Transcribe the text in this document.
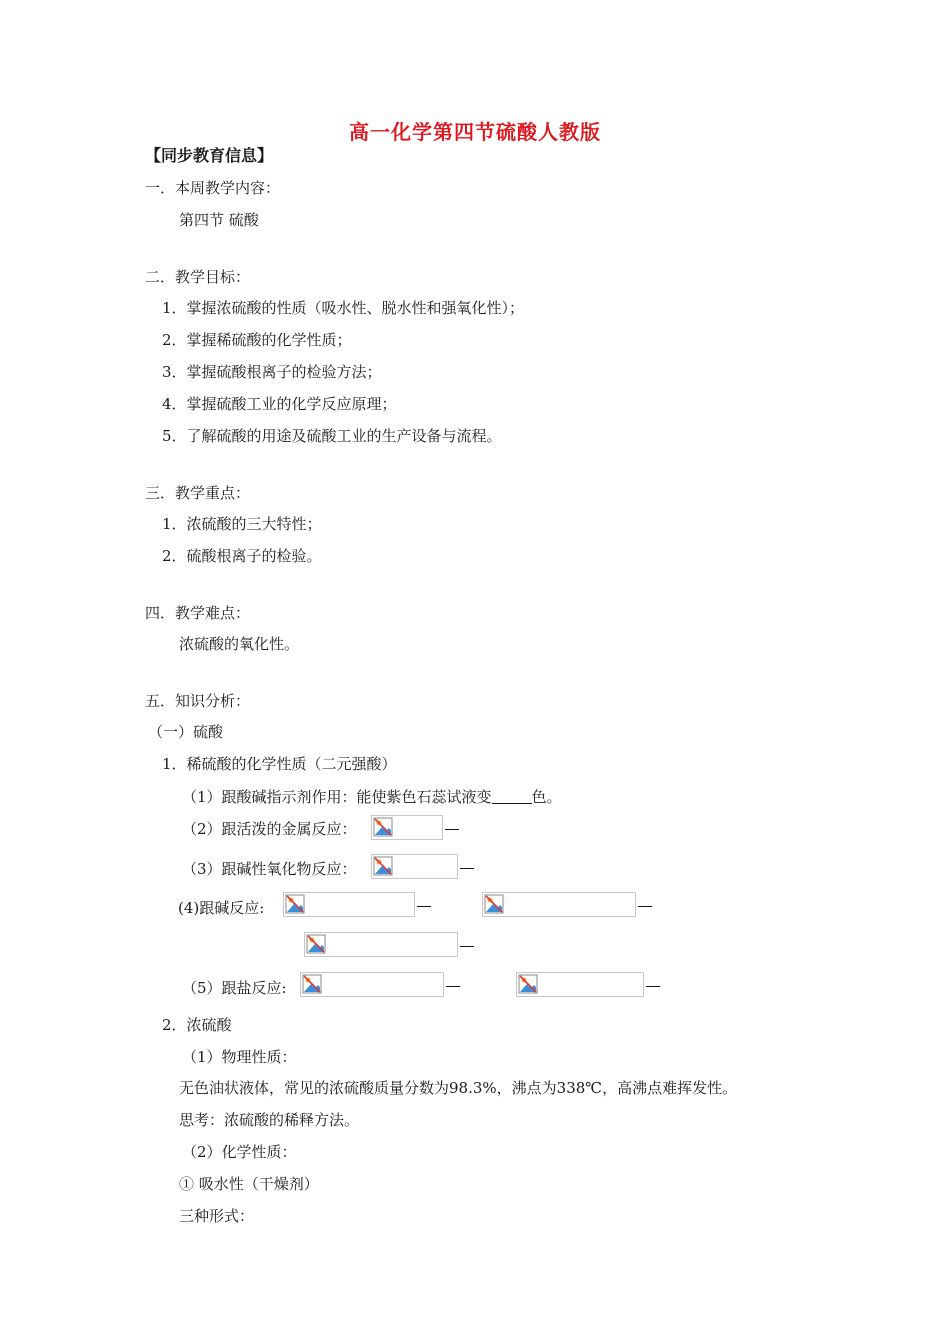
高一化学第四节硫酸人教版
【同步教育信息】
一．本周教学内容：
第四节 硫酸
二．教学目标：
1．掌握浓硫酸的性质（吸水性、脱水性和强氧化性）；
2．掌握稀硫酸的化学性质；
3．掌握硫酸根离子的检验方法；
4．掌握硫酸工业的化学反应原理；
5．了解硫酸的用途及硫酸工业的生产设备与流程。
三．教学重点：
1．浓硫酸的三大特性；
2．硫酸根离子的检验。
四．教学难点：
浓硫酸的氧化性。
五．知识分析：
（一）硫酸
1．稀硫酸的化学性质（二元强酸）
（1）跟酸碱指示剂作用：能使紫色石蕊试液变	色。
（2）跟活泼的金属反应：
（3）跟碱性氧化物反应：
(4)跟碱反应:
（5）跟盐反应:
2．浓硫酸
（1）物理性质：
无色油状液体，常见的浓硫酸质量分数为98.3%，沸点为338℃，高沸点难挥发性。
思考：浓硫酸的稀释方法。
（2）化学性质：
① 吸水性（干燥剂）
三种形式：
